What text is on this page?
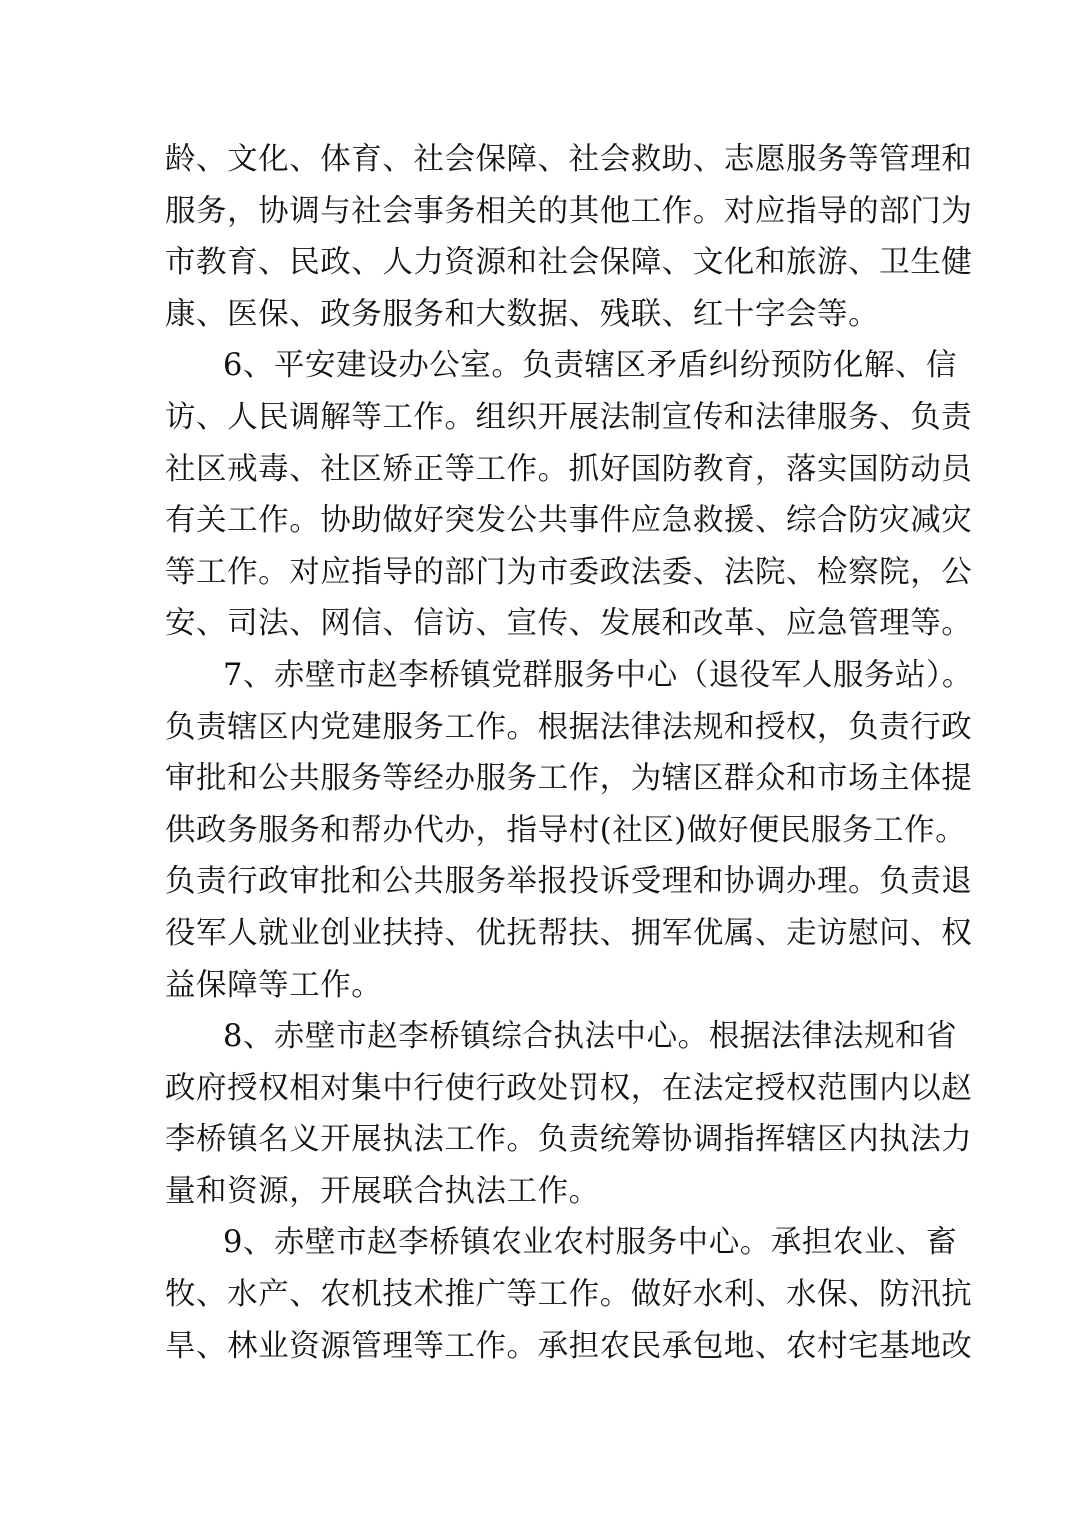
龄、文化、体育、社会保障、社会救助、志愿服务等管理和
服务，协调与社会事务相关的其他工作。对应指导的部门为
市教育、民政、人力资源和社会保障、文化和旅游、卫生健
康、医保、政务服务和大数据、残联、红十字会等。
6、平安建设办公室。负责辖区矛盾纠纷预防化解、信
访、人民调解等工作。组织开展法制宣传和法律服务、负责
社区戒毒、社区矫正等工作。抓好国防教育，落实国防动员
有关工作。协助做好突发公共事件应急救援、综合防灾减灾
等工作。对应指导的部门为市委政法委、法院、检察院，公
安、司法、网信、信访、宣传、发展和改革、应急管理等。
7、赤壁市赵李桥镇党群服务中心（退役军人服务站）。
负责辖区内党建服务工作。根据法律法规和授权，负责行政
审批和公共服务等经办服务工作，为辖区群众和市场主体提
供政务服务和帮办代办，指导村(社区)做好便民服务工作。
负责行政审批和公共服务举报投诉受理和协调办理。负责退
役军人就业创业扶持、优抚帮扶、拥军优属、走访慰问、权
益保障等工作。
8、赤壁市赵李桥镇综合执法中心。根据法律法规和省
政府授权相对集中行使行政处罚权，在法定授权范围内以赵
李桥镇名义开展执法工作。负责统筹协调指挥辖区内执法力
量和资源，开展联合执法工作。
9、赤壁市赵李桥镇农业农村服务中心。承担农业、畜
牧、水产、农机技术推广等工作。做好水利、水保、防汛抗
旱、林业资源管理等工作。承担农民承包地、农村宅基地改
